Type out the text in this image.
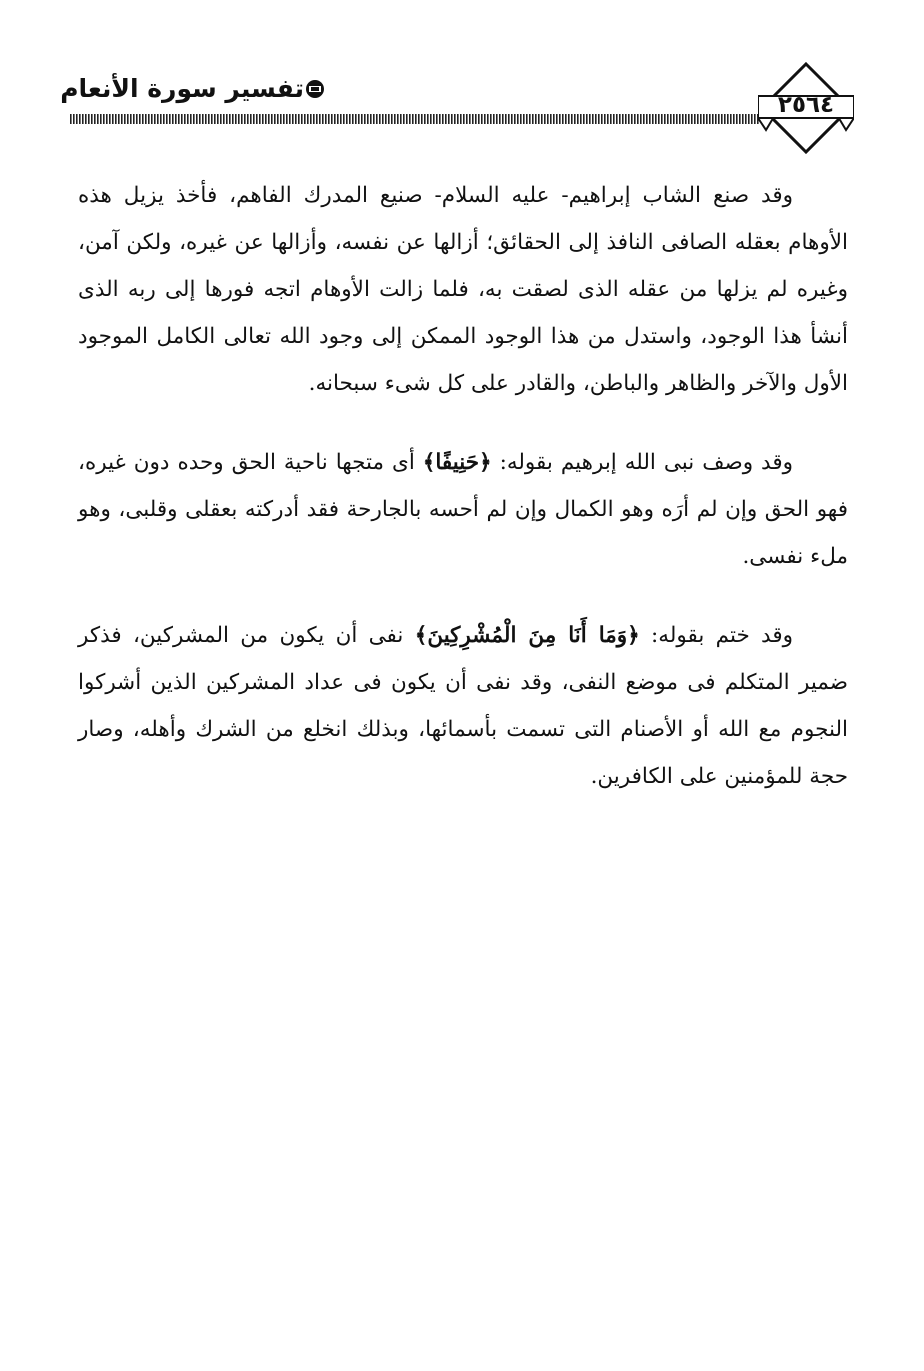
تفسير سورة الأنعام
٢٥٦٤

وقد صنع الشاب إبراهيم- عليه السلام- صنيع المدرك الفاهم، فأخذ يزيل هذه الأوهام بعقله الصافى النافذ إلى الحقائق؛ أزالها عن نفسه، وأزالها عن غيره، ولكن آمن، وغيره لم يزلها من عقله الذى لصقت به، فلما زالت الأوهام اتجه فورها إلى ربه الذى أنشأ هذا الوجود، واستدل من هذا الوجود الممكن إلى وجود الله تعالى الكامل الموجود الأول والآخر والظاهر والباطن، والقادر على كل شىء سبحانه.

وقد وصف نبى الله إبرهيم بقوله: ﴿حَنِيفًا﴾ أى متجها ناحية الحق وحده دون غيره، فهو الحق وإن لم أرَه وهو الكمال وإن لم أحسه بالجارحة فقد أدركته بعقلى وقلبى، وهو ملء نفسى.

وقد ختم بقوله: ﴿وَمَا أَنَا مِنَ الْمُشْرِكِينَ﴾ نفى أن يكون من المشركين، فذكر ضمير المتكلم فى موضع النفى، وقد نفى أن يكون فى عداد المشركين الذين أشركوا النجوم مع الله أو الأصنام التى تسمت بأسمائها، وبذلك انخلع من الشرك وأهله، وصار حجة للمؤمنين على الكافرين.
